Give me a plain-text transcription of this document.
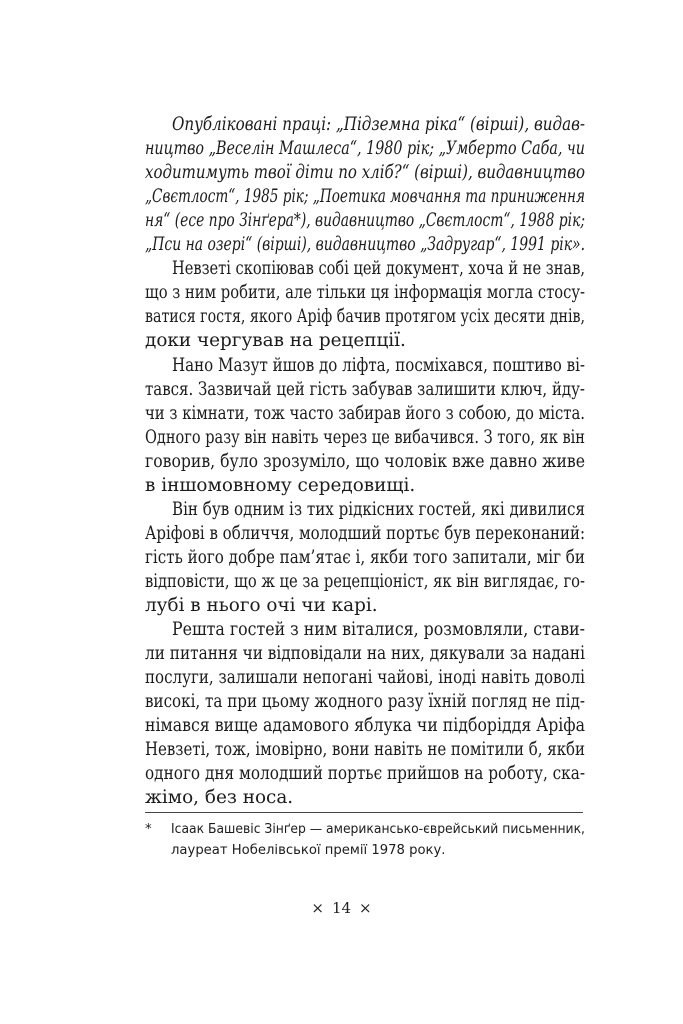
Опубліковані праці: „Підземна ріка“ (вірші), видав-
ництво „Веселін Машлеса“, 1980 рік; „Умберто Саба, чи
ходитимуть твої діти по хліб?“ (вірші), видавництво
„Свєтлост“, 1985 рік; „Поетика мовчання та приниження
ня“ (есе про Зінґера*), видавництво „Свєтлост“, 1988 рік;
„Пси на озері“ (вірші), видавництво „Задругар“, 1991 рік».
Невзеті скопіював собі цей документ, хоча й не знав,
що з ним робити, але тільки ця інформація могла стосу-
ватися гостя, якого Аріф бачив протягом усіх десяти днів,
доки чергував на рецепції.
Нано Мазут йшов до ліфта, посміхався, поштиво ві-
тався. Зазвичай цей гість забував залишити ключ, йду-
чи з кімнати, тож часто забирав його з собою, до міста.
Одного разу він навіть через це вибачився. З того, як він
говорив, було зрозуміло, що чоловік вже давно живе
в іншомовному середовищі.
Він був одним із тих рідкісних гостей, які дивилися
Аріфові в обличчя, молодший портьє був переконаний:
гість його добре пам’ятає і, якби того запитали, міг би
відповісти, що ж це за рецепціоніст, як він виглядає, го-
лубі в нього очі чи карі.
Решта гостей з ним віталися, розмовляли, стави-
ли питання чи відповідали на них, дякували за надані
послуги, залишали непогані чайові, іноді навіть доволі
високі, та при цьому жодного разу їхній погляд не під-
німався вище адамового яблука чи підборіддя Аріфа
Невзеті, тож, імовірно, вони навіть не помітили б, якби
одного дня молодший портьє прийшов на роботу, ска-
жімо, без носа.
* Ісаак Башевіс Зінґер — американсько-єврейський письменник,
лауреат Нобелівської премії 1978 року.
× 14 ×
